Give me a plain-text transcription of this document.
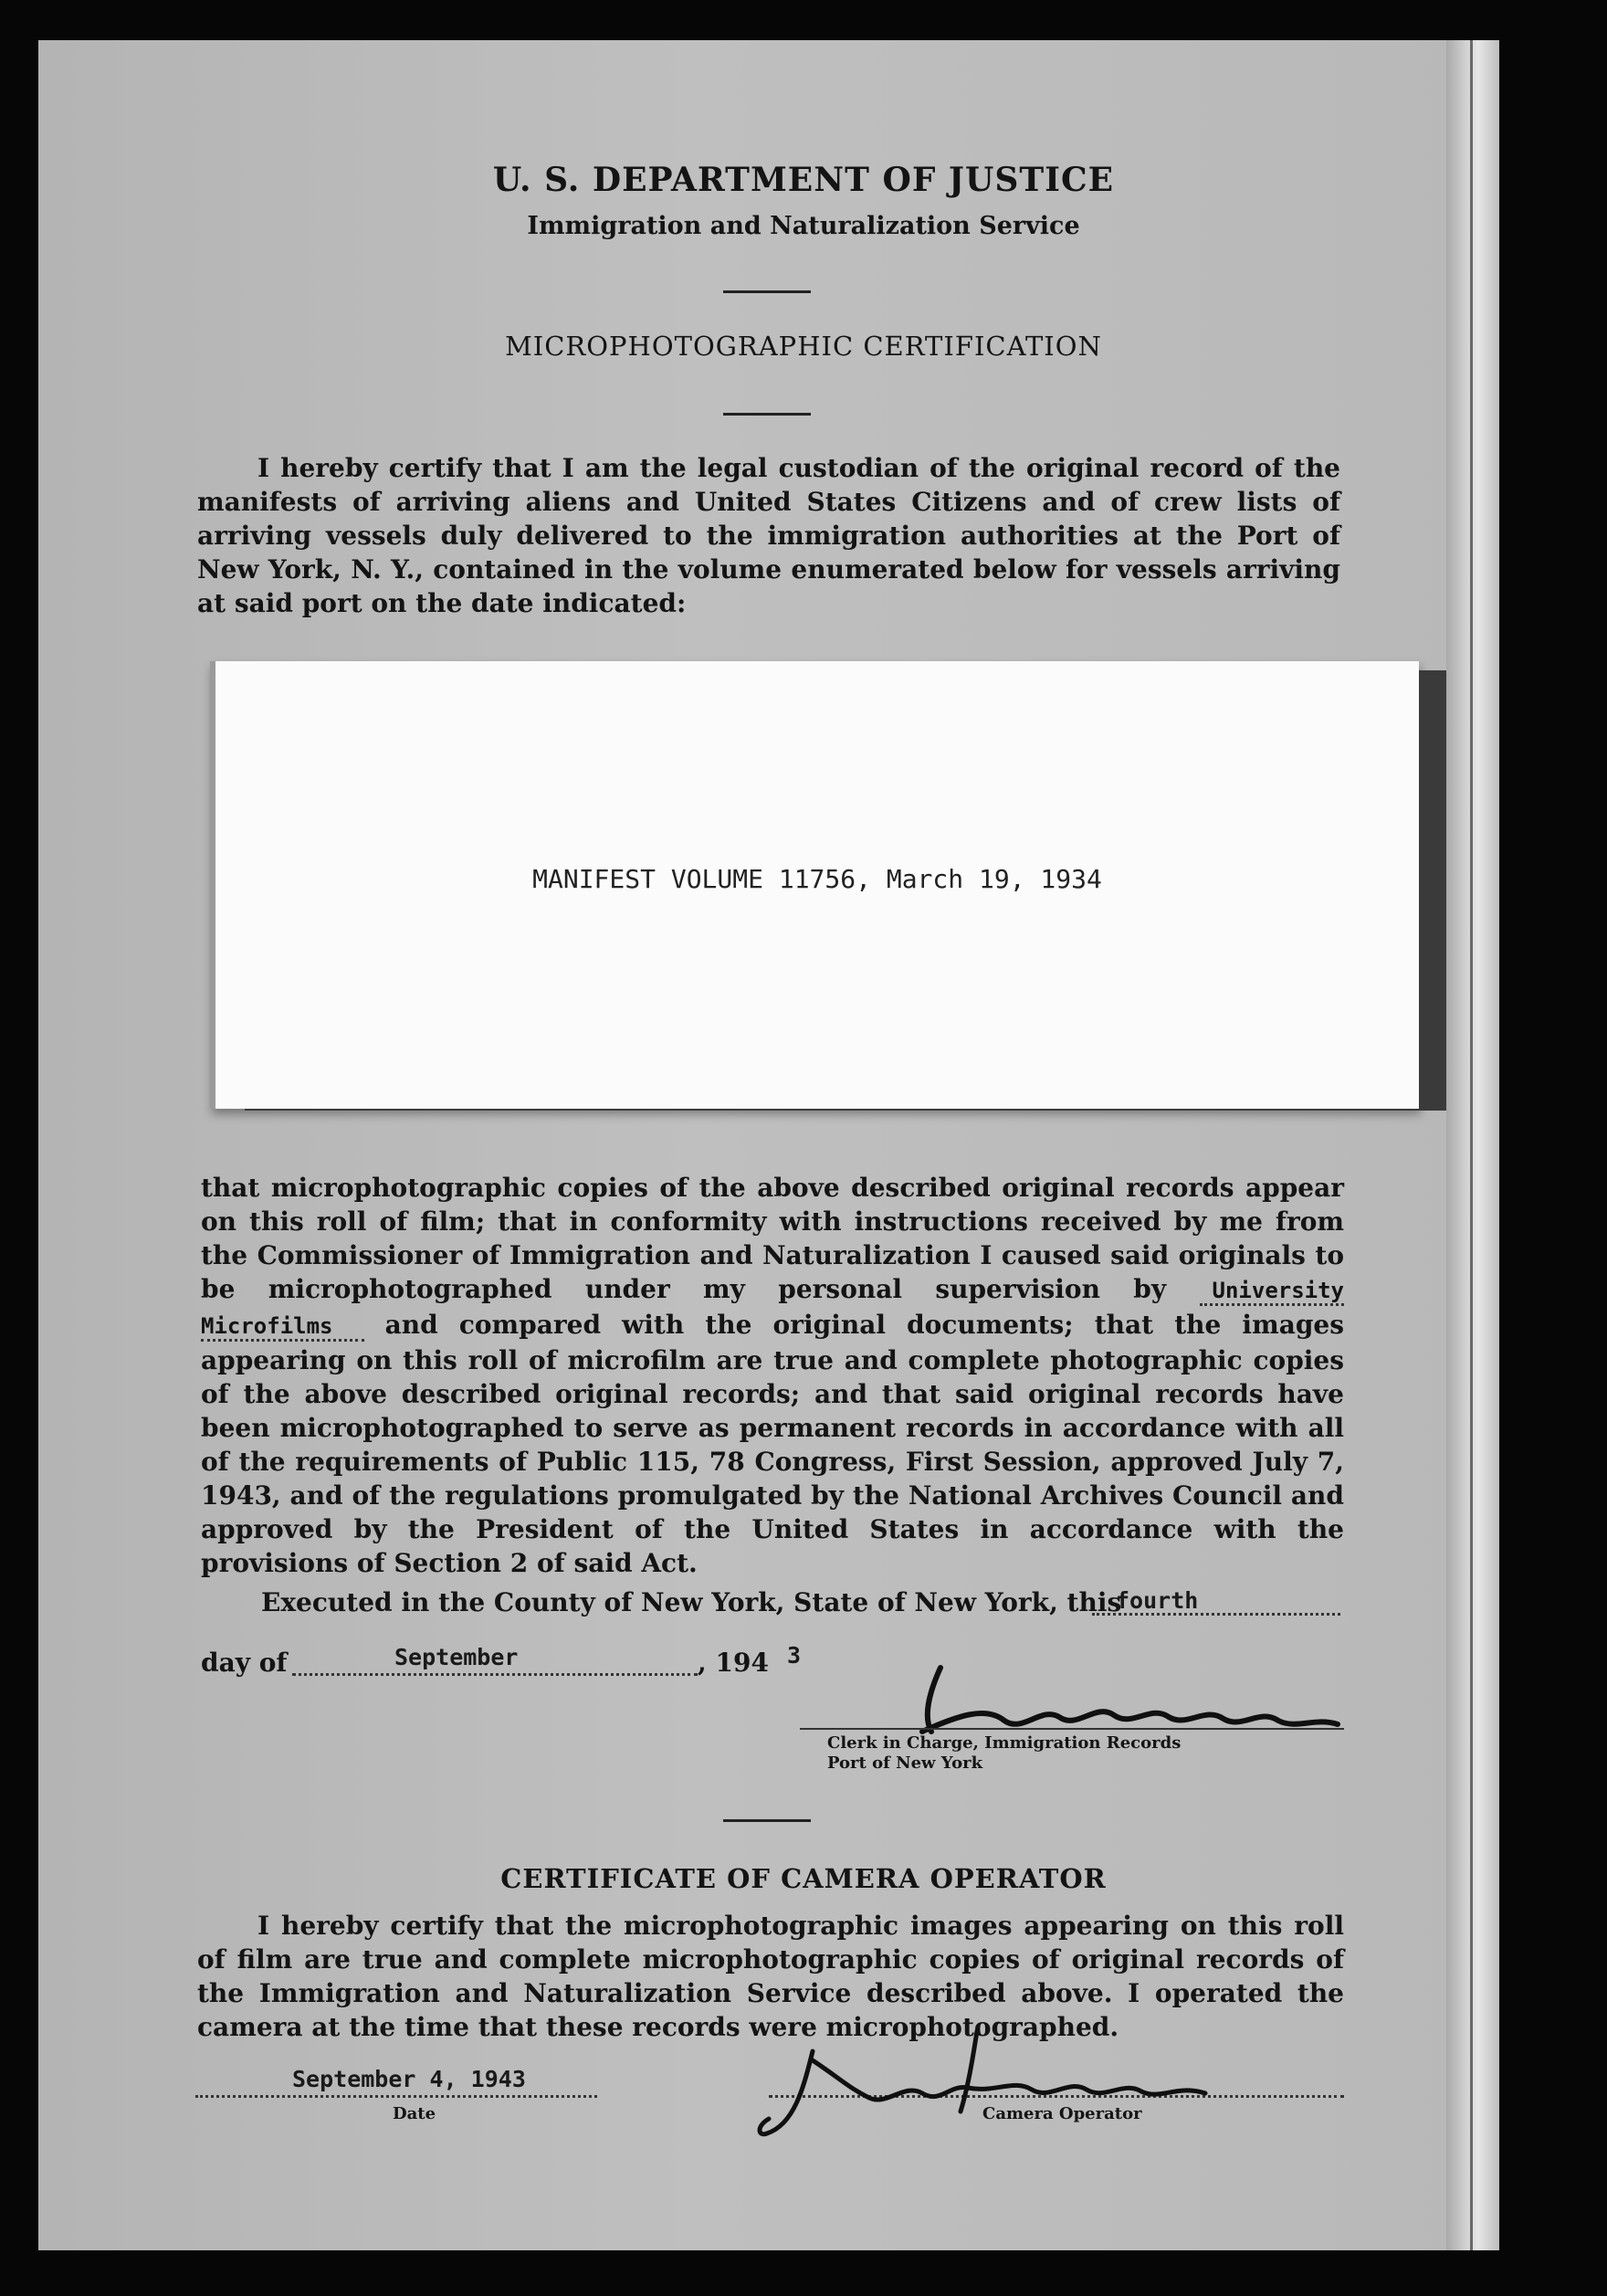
U. S. DEPARTMENT OF JUSTICE
Immigration and Naturalization Service
MICROPHOTOGRAPHIC CERTIFICATION

I hereby certify that I am the legal custodian of the original record of the manifests of arriving aliens and United States Citizens and of crew lists of arriving vessels duly delivered to the immigration authorities at the Port of New York, N. Y., contained in the volume enumerated below for vessels arriving at said port on the date indicated:

MANIFEST VOLUME 11756, March 19, 1934

that microphotographic copies of the above described original records appear on this roll of film; that in conformity with instructions received by me from the Commissioner of Immigration and Naturalization I caused said originals to be microphotographed under my personal supervision by University Microfilms and compared with the original documents; that the images appearing on this roll of microfilm are true and complete photographic copies of the above described original records; and that said original records have been microphotographed to serve as permanent records in accordance with all of the requirements of Public 115, 78 Congress, First Session, approved July 7, 1943, and of the regulations promulgated by the National Archives Council and approved by the President of the United States in accordance with the provisions of Section 2 of said Act.

Executed in the County of New York, State of New York, this
fourth
day of	September	, 194 3
Clerk in Charge, Immigration Records
Port of New York
CERTIFICATE OF CAMERA OPERATOR

I hereby certify that the microphotographic images appearing on this roll of film are true and complete microphotographic copies of original records of the Immigration and Naturalization Service described above. I operated the camera at the time that these records were microphotographed.

September 4, 1943
Date	Camera Operator
